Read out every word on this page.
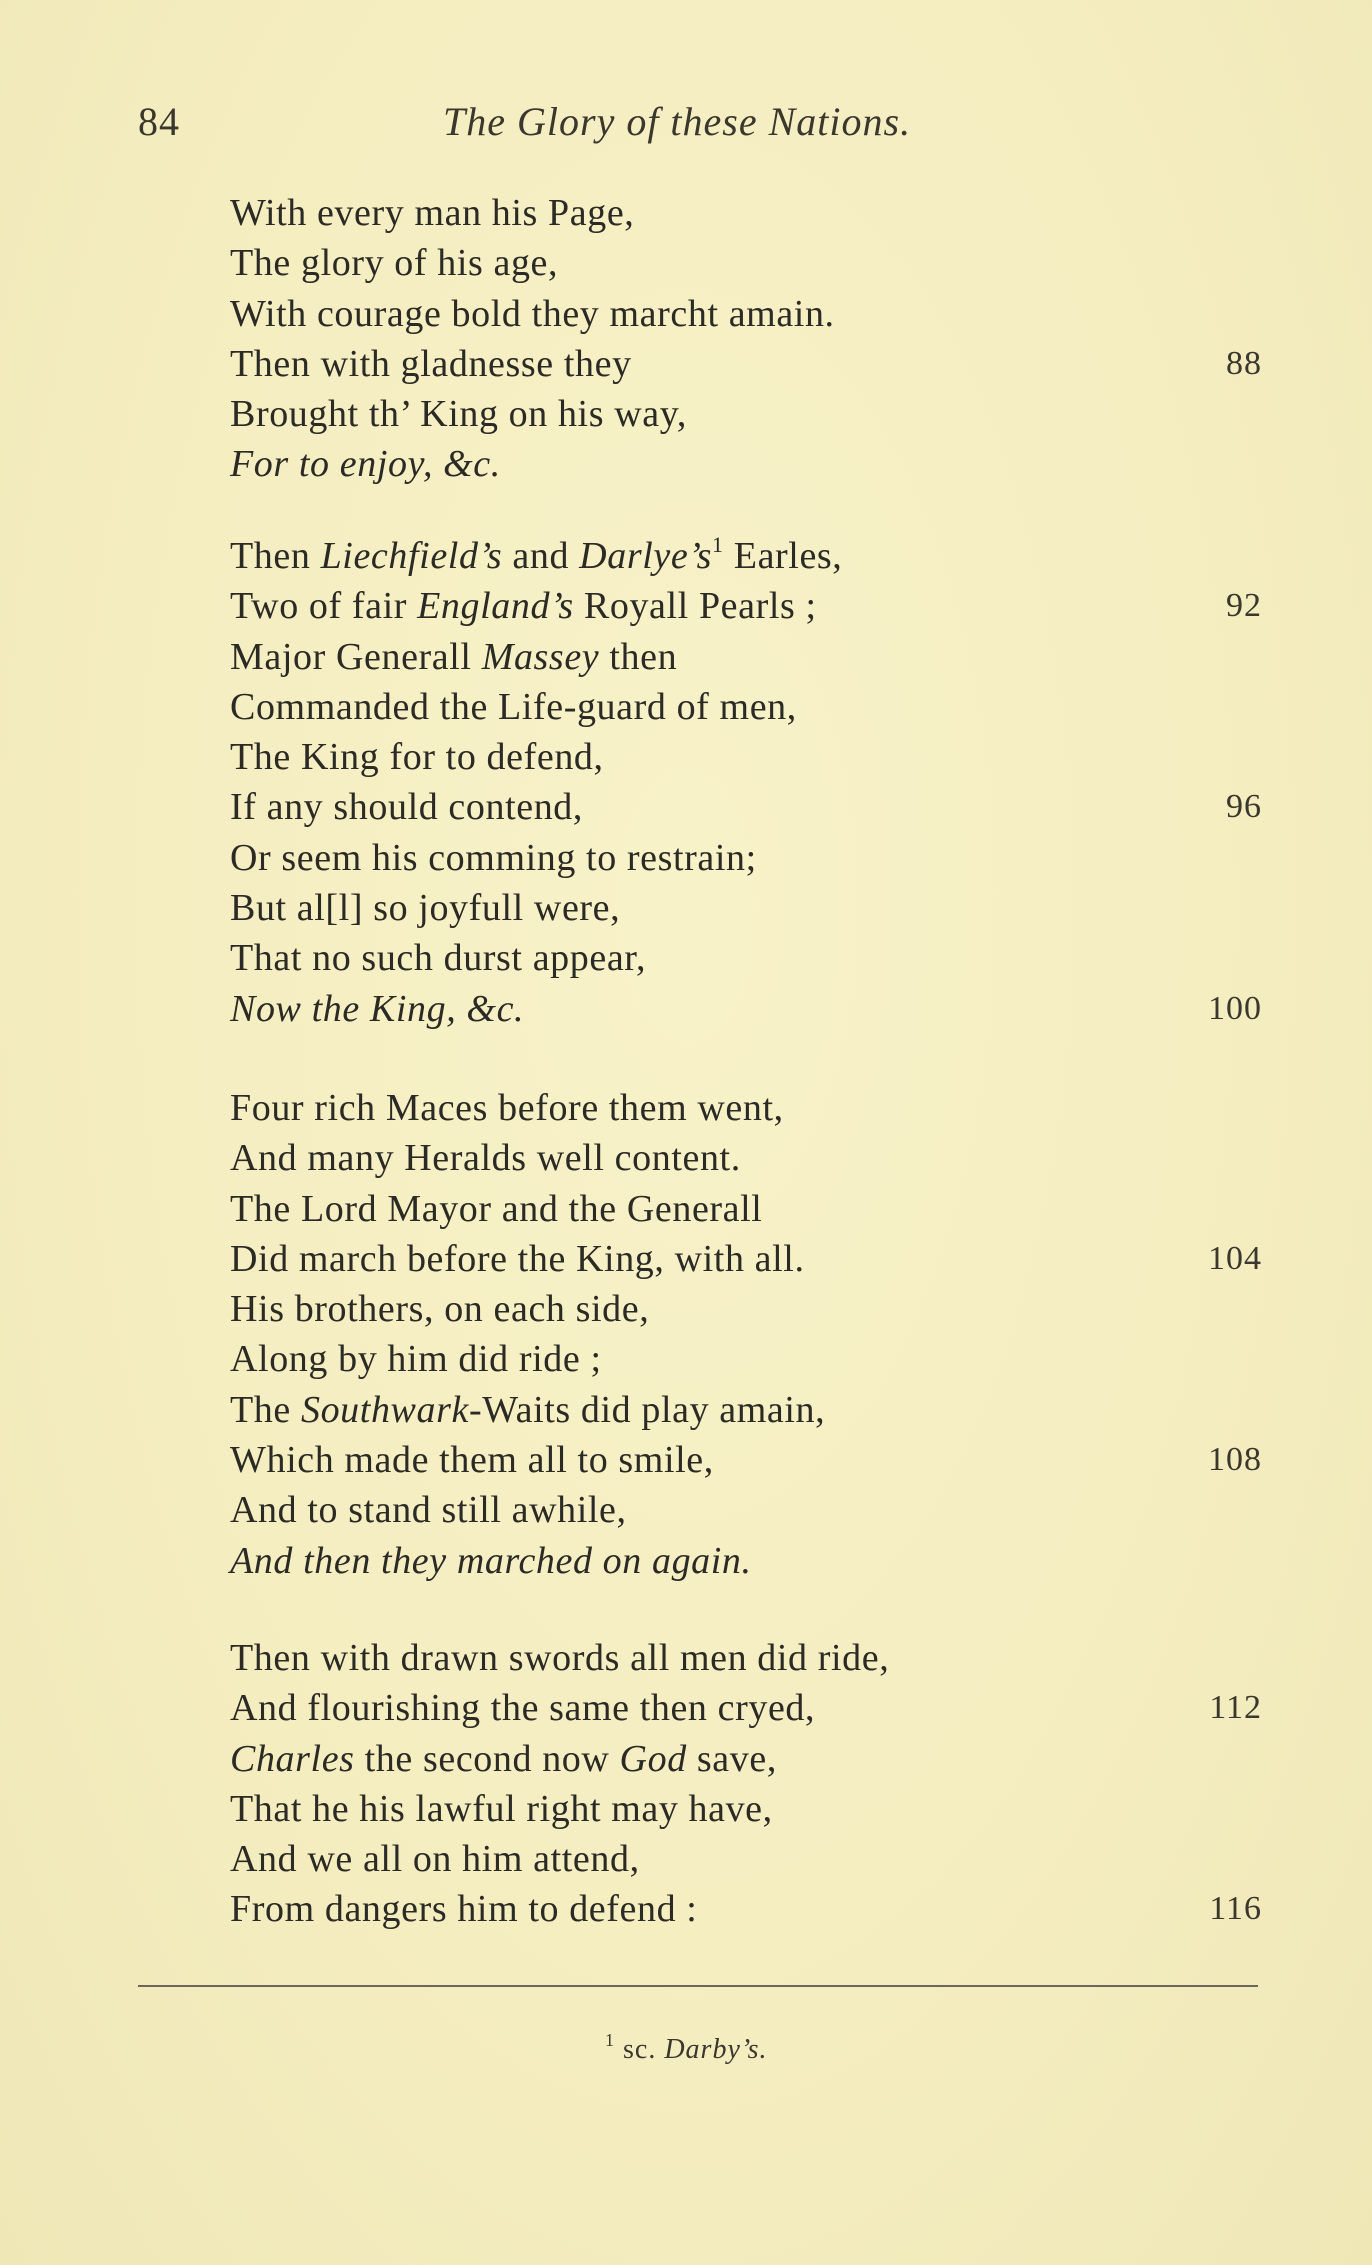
84	The Glory of these Nations.
With every man his Page,
The glory of his age,
With courage bold they marcht amain.
Then with gladnesse they	88
Brought th’ King on his way,
For to enjoy, &c.
Then Liechfield’s and $Darlye’s^1$ Earles,
Two of fair England’s Royall Pearls ;	92
Major Generall Massey then
Commanded the Life-guard of men,
The King for to defend,
If any should contend,	96
Or seem his comming to restrain;
But al[l] so joyfull were,
That no such durst appear,
Now the King, &c.	100
Four rich Maces before them went,
And many Heralds well content.
The Lord Mayor and the Generall
Did march before the King, with all.	104
His brothers, on each side,
Along by him did ride ;
The Southwark-Waits did play amain,
Which made them all to smile,	108
And to stand still awhile,
And then they marched on again.
Then with drawn swords all men did ride,
And flourishing the same then cryed,	112
Charles the second now God save,
That he his lawful right may have,
And we all on him attend,
From dangers him to defend :	116
$^1$ sc. Darby’s.
